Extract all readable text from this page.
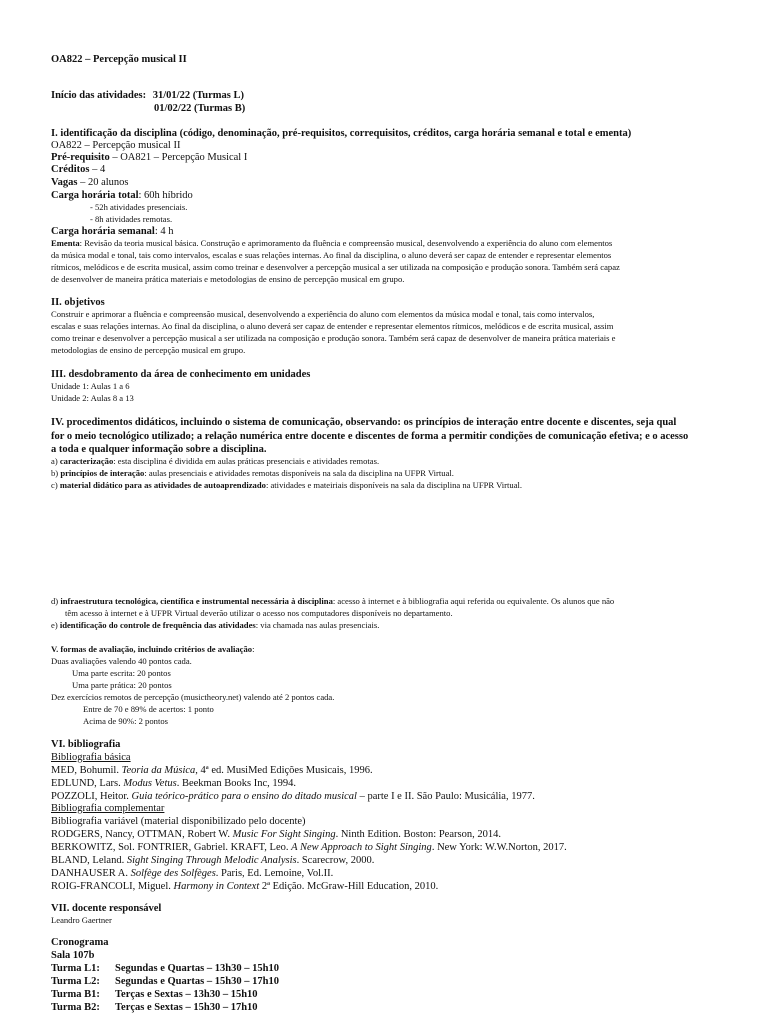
OA822 – Percepção musical II
Início das atividades: 31/01/22 (Turmas L)
01/02/22 (Turmas B)
I. identificação da disciplina (código, denominação, pré-requisitos, correquisitos, créditos, carga horária semanal e total e ementa)
OA822 – Percepção musical II
Pré-requisito – OA821 – Percepção Musical I
Créditos – 4
Vagas – 20 alunos
Carga horária total: 60h híbrido
- 52h atividades presenciais.
- 8h atividades remotas.
Carga horária semanal: 4 h
Ementa: Revisão da teoria musical básica. Construção e aprimoramento da fluência e compreensão musical, desenvolvendo a experiência do aluno com elementos
da música modal e tonal, tais como intervalos, escalas e suas relações internas. Ao final da disciplina, o aluno deverá ser capaz de entender e representar elementos
rítmicos, melódicos e de escrita musical, assim como treinar e desenvolver a percepção musical a ser utilizada na composição e produção sonora. Também será capaz
de desenvolver de maneira prática materiais e metodologias de ensino de percepção musical em grupo.
II. objetivos
Construir e aprimorar a fluência e compreensão musical, desenvolvendo a experiência do aluno com elementos da música modal e tonal, tais como intervalos,
escalas e suas relações internas. Ao final da disciplina, o aluno deverá ser capaz de entender e representar elementos rítmicos, melódicos e de escrita musical, assim
como treinar e desenvolver a percepção musical a ser utilizada na composição e produção sonora. Também será capaz de desenvolver de maneira prática materiais e
metodologias de ensino de percepção musical em grupo.
III. desdobramento da área de conhecimento em unidades
Unidade 1: Aulas 1 a 6
Unidade 2: Aulas 8 a 13
IV. procedimentos didáticos, incluindo o sistema de comunicação, observando: os princípios de interação entre docente e discentes, seja qual
for o meio tecnológico utilizado; a relação numérica entre docente e discentes de forma a permitir condições de comunicação efetiva; e o acesso
a toda e qualquer informação sobre a disciplina.
a) caracterização: esta disciplina é dividida em aulas práticas presenciais e atividades remotas.
b) princípios de interação: aulas presenciais e atividades remotas disponíveis na sala da disciplina na UFPR Virtual.
c) material didático para as atividades de autoaprendizado: atividades e mateiriais disponíveis na sala da disciplina na UFPR Virtual.
d) infraestrutura tecnológica, científica e instrumental necessária à disciplina: acesso à internet e à bibliografia aqui referida ou equivalente. Os alunos que não
têm acesso à internet e à UFPR Virtual deverão utilizar o acesso nos computadores disponíveis no departamento.
e) identificação do controle de frequência das atividades: via chamada nas aulas presenciais.
V. formas de avaliação, incluindo critérios de avaliação:
Duas avaliações valendo 40 pontos cada.
Uma parte escrita: 20 pontos
Uma parte prática: 20 pontos
Dez exercícios remotos de percepção (musictheory.net) valendo até 2 pontos cada.
Entre de 70 e 89% de acertos: 1 ponto
Acima de 90%: 2 pontos
VI. bibliografia
Bibliografia básica
MED, Bohumil. Teoria da Música, 4ª ed. MusiMed Edições Musicais, 1996.
EDLUND, Lars. Modus Vetus. Beekman Books Inc, 1994.
POZZOLI, Heitor. Guia teórico-prático para o ensino do ditado musical – parte I e II. São Paulo: Musicália, 1977.
Bibliografia complementar
Bibliografia variável (material disponibilizado pelo docente)
RODGERS, Nancy, OTTMAN, Robert W. Music For Sight Singing. Ninth Edition. Boston: Pearson, 2014.
BERKOWITZ, Sol. FONTRIER, Gabriel. KRAFT, Leo. A New Approach to Sight Singing. New York: W.W.Norton, 2017.
BLAND, Leland. Sight Singing Through Melodic Analysis. Scarecrow, 2000.
DANHAUSER A. Solfège des Solfèges. Paris, Ed. Lemoine, Vol.II.
ROIG-FRANCOLI, Miguel. Harmony in Context 2ª Edição. McGraw-Hill Education, 2010.
VII. docente responsável
Leandro Gaertner
Cronograma
Sala 107b
Turma L1: Segundas e Quartas – 13h30 – 15h10
Turma L2: Segundas e Quartas – 15h30 – 17h10
Turma B1: Terças e Sextas – 13h30 – 15h10
Turma B2: Terças e Sextas – 15h30 – 17h10
